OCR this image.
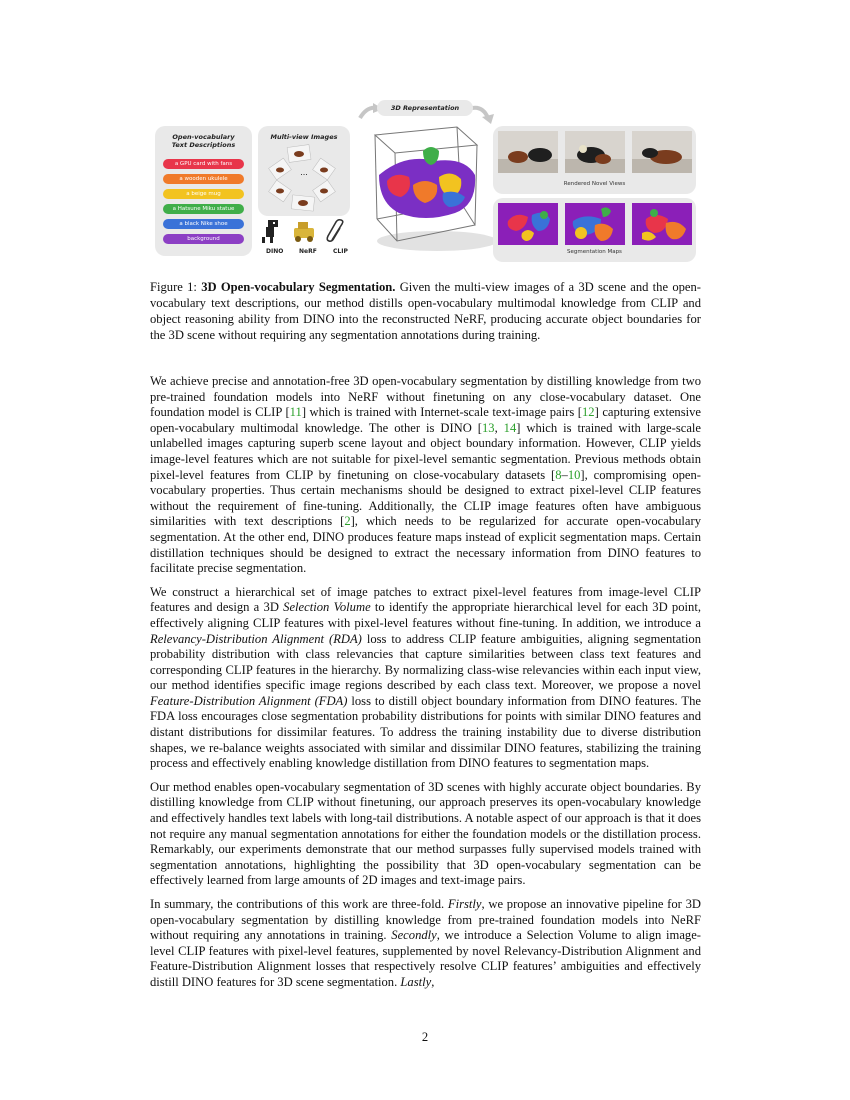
Open-vocabulary
Text Descriptions
a GPU card with fans
a wooden ukulele
a beige mug
a Hatsune Miku statue
a black Nike shoe
background
Multi-view Images
...
DINO	NeRF	CLIP
3D Representation
Rendered Novel Views
Segmentation Maps
Figure 1: 3D Open-vocabulary Segmentation. Given the multi-view images of a 3D scene and the open-vocabulary text descriptions, our method distills open-vocabulary multimodal knowledge from CLIP and object reasoning ability from DINO into the reconstructed NeRF, producing accurate object boundaries for the 3D scene without requiring any segmentation annotations during training.

We achieve precise and annotation-free 3D open-vocabulary segmentation by distilling knowledge from two pre-trained foundation models into NeRF without finetuning on any close-vocabulary dataset. One foundation model is CLIP [11] which is trained with Internet-scale text-image pairs [12] capturing extensive open-vocabulary multimodal knowledge. The other is DINO [13, 14] which is trained with large-scale unlabelled images capturing superb scene layout and object boundary information. However, CLIP yields image-level features which are not suitable for pixel-level semantic segmentation. Previous methods obtain pixel-level features from CLIP by finetuning on close-vocabulary datasets [8–10], compromising open-vocabulary properties. Thus certain mechanisms should be designed to extract pixel-level CLIP features without the requirement of fine-tuning. Additionally, the CLIP image features often have ambiguous similarities with text descriptions [2], which needs to be regularized for accurate open-vocabulary segmentation. At the other end, DINO produces feature maps instead of explicit segmentation maps. Certain distillation techniques should be designed to extract the necessary information from DINO features to facilitate precise segmentation.

We construct a hierarchical set of image patches to extract pixel-level features from image-level CLIP features and design a 3D Selection Volume to identify the appropriate hierarchical level for each 3D point, effectively aligning CLIP features with pixel-level features without fine-tuning. In addition, we introduce a Relevancy-Distribution Alignment (RDA) loss to address CLIP feature ambiguities, aligning segmentation probability distribution with class relevancies that capture similarities between class text features and corresponding CLIP features in the hierarchy. By normalizing class-wise relevancies within each input view, our method identifies specific image regions described by each class text. Moreover, we propose a novel Feature-Distribution Alignment (FDA) loss to distill object boundary information from DINO features. The FDA loss encourages close segmentation probability distributions for points with similar DINO features and distant distributions for dissimilar features. To address the training instability due to diverse distribution shapes, we re-balance weights associated with similar and dissimilar DINO features, stabilizing the training process and effectively enabling knowledge distillation from DINO features to segmentation maps.

Our method enables open-vocabulary segmentation of 3D scenes with highly accurate object boundaries. By distilling knowledge from CLIP without finetuning, our approach preserves its open-vocabulary knowledge and effectively handles text labels with long-tail distributions. A notable aspect of our approach is that it does not require any manual segmentation annotations for either the foundation models or the distillation process. Remarkably, our experiments demonstrate that our method surpasses fully supervised models trained with segmentation annotations, highlighting the possibility that 3D open-vocabulary segmentation can be effectively learned from large amounts of 2D images and text-image pairs.

In summary, the contributions of this work are three-fold. Firstly, we propose an innovative pipeline for 3D open-vocabulary segmentation by distilling knowledge from pre-trained foundation models into NeRF without requiring any annotations in training. Secondly, we introduce a Selection Volume to align image-level CLIP features with pixel-level features, supplemented by novel Relevancy-Distribution Alignment and Feature-Distribution Alignment losses that respectively resolve CLIP features’ ambiguities and effectively distill DINO features for 3D scene segmentation. Lastly,

2
